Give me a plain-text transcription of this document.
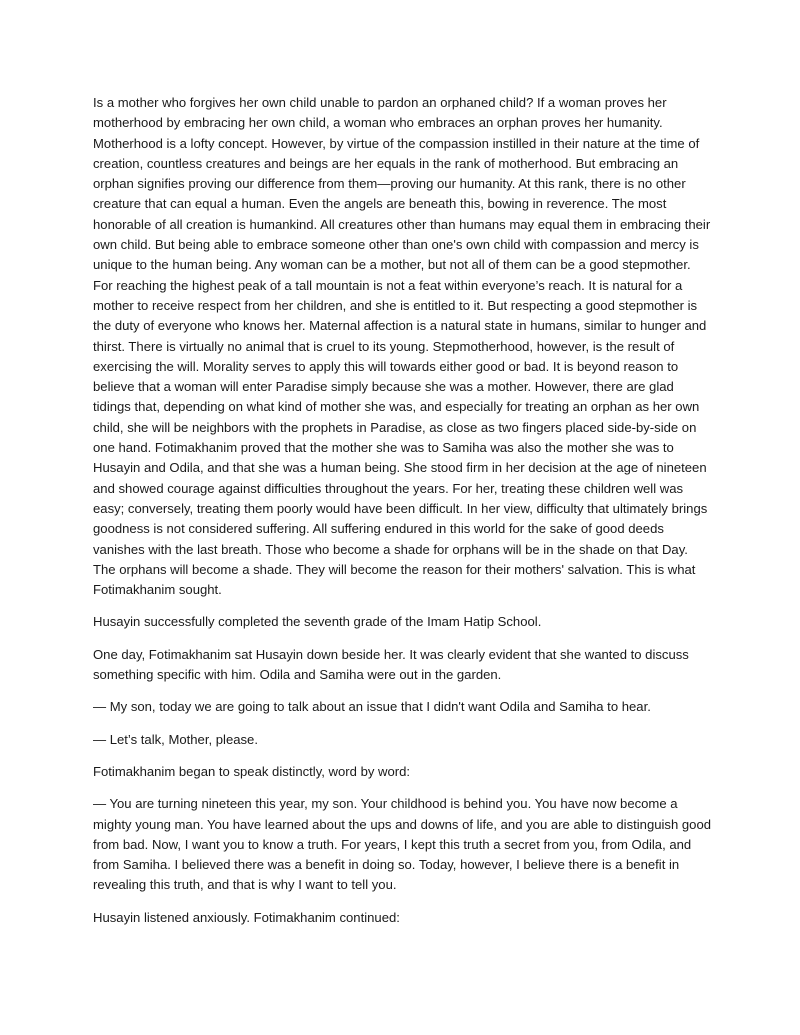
Is a mother who forgives her own child unable to pardon an orphaned child? If a woman proves her motherhood by embracing her own child, a woman who embraces an orphan proves her humanity. Motherhood is a lofty concept. However, by virtue of the compassion instilled in their nature at the time of creation, countless creatures and beings are her equals in the rank of motherhood. But embracing an orphan signifies proving our difference from them—proving our humanity. At this rank, there is no other creature that can equal a human. Even the angels are beneath this, bowing in reverence. The most honorable of all creation is humankind. All creatures other than humans may equal them in embracing their own child. But being able to embrace someone other than one's own child with compassion and mercy is unique to the human being. Any woman can be a mother, but not all of them can be a good stepmother. For reaching the highest peak of a tall mountain is not a feat within everyone’s reach. It is natural for a mother to receive respect from her children, and she is entitled to it. But respecting a good stepmother is the duty of everyone who knows her. Maternal affection is a natural state in humans, similar to hunger and thirst. There is virtually no animal that is cruel to its young. Stepmotherhood, however, is the result of exercising the will. Morality serves to apply this will towards either good or bad. It is beyond reason to believe that a woman will enter Paradise simply because she was a mother. However, there are glad tidings that, depending on what kind of mother she was, and especially for treating an orphan as her own child, she will be neighbors with the prophets in Paradise, as close as two fingers placed side-by-side on one hand. Fotimakhanim proved that the mother she was to Samiha was also the mother she was to Husayin and Odila, and that she was a human being. She stood firm in her decision at the age of nineteen and showed courage against difficulties throughout the years. For her, treating these children well was easy; conversely, treating them poorly would have been difficult. In her view, difficulty that ultimately brings goodness is not considered suffering. All suffering endured in this world for the sake of good deeds vanishes with the last breath. Those who become a shade for orphans will be in the shade on that Day. The orphans will become a shade. They will become the reason for their mothers' salvation. This is what Fotimakhanim sought.

Husayin successfully completed the seventh grade of the Imam Hatip School.

One day, Fotimakhanim sat Husayin down beside her. It was clearly evident that she wanted to discuss something specific with him. Odila and Samiha were out in the garden.

— My son, today we are going to talk about an issue that I didn't want Odila and Samiha to hear.

— Let’s talk, Mother, please.

Fotimakhanim began to speak distinctly, word by word:

— You are turning nineteen this year, my son. Your childhood is behind you. You have now become a mighty young man. You have learned about the ups and downs of life, and you are able to distinguish good from bad. Now, I want you to know a truth. For years, I kept this truth a secret from you, from Odila, and from Samiha. I believed there was a benefit in doing so. Today, however, I believe there is a benefit in revealing this truth, and that is why I want to tell you.

Husayin listened anxiously. Fotimakhanim continued:
